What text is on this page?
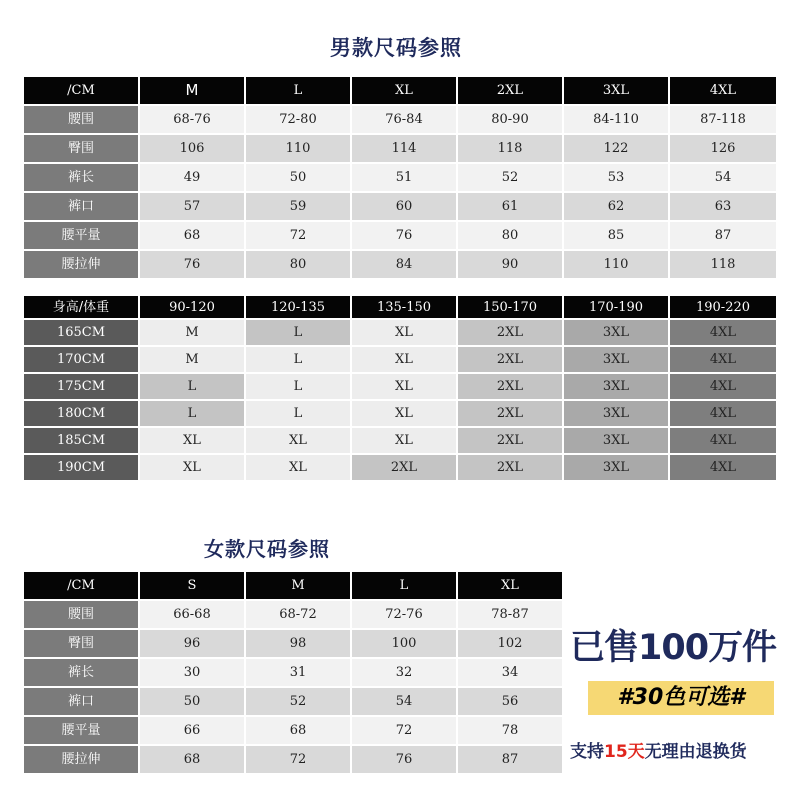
男款尺码参照
/CM	M	L	XL	2XL	3XL	4XL
腰围	68-76	72-80	76-84	80-90	84-110	87-118
臀围	106	110	114	118	122	126
裤长	49	50	51	52	53	54
裤口	57	59	60	61	62	63
腰平量	68	72	76	80	85	87
腰拉伸	76	80	84	90	110	118
身高/体重	90-120	120-135	135-150	150-170	170-190	190-220
165CM	M	L	XL	2XL	3XL	4XL
170CM	M	L	XL	2XL	3XL	4XL
175CM	L	L	XL	2XL	3XL	4XL
180CM	L	L	XL	2XL	3XL	4XL
185CM	XL	XL	XL	2XL	3XL	4XL
190CM	XL	XL	2XL	2XL	3XL	4XL
女款尺码参照
/CM	S	M	L	XL
腰围	66-68	68-72	72-76	78-87
臀围	96	98	100	102
裤长	30	31	32	34
裤口	50	52	54	56
腰平量	66	68	72	78
腰拉伸	68	72	76	87
已售100万件
#30色可选#
支持15天无理由退换货
